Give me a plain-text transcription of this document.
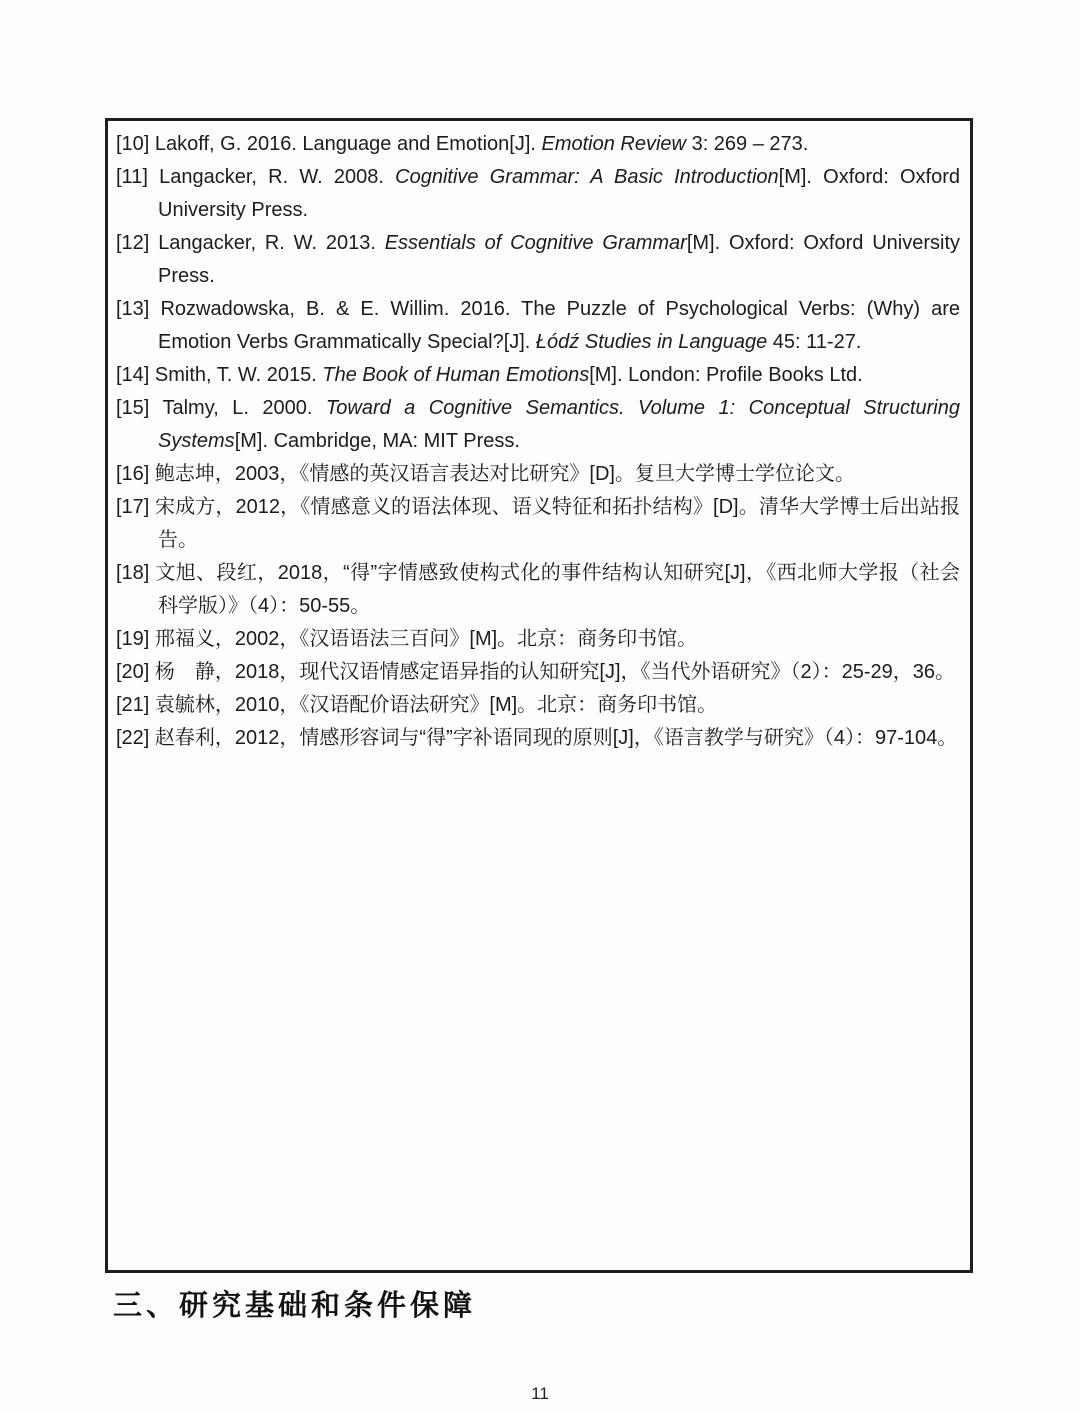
[10] Lakoff, G. 2016. Language and Emotion[J]. Emotion Review 3: 269 – 273.

[11] Langacker, R. W. 2008. Cognitive Grammar: A Basic Introduction[M]. Oxford: Oxford University Press.

[12] Langacker, R. W. 2013. Essentials of Cognitive Grammar[M]. Oxford: Oxford University Press.

[13] Rozwadowska, B. & E. Willim. 2016. The Puzzle of Psychological Verbs: (Why) are Emotion Verbs Grammatically Special?[J]. Łódź Studies in Language 45: 11-27.

[14] Smith, T. W. 2015. The Book of Human Emotions[M]. London: Profile Books Ltd.

[15] Talmy, L. 2000. Toward a Cognitive Semantics. Volume 1: Conceptual Structuring Systems[M]. Cambridge, MA: MIT Press.

[16] 鲍志坤，2003，《情感的英汉语言表达对比研究》[D]。复旦大学博士学位论文。

[17] 宋成方，2012，《情感意义的语法体现、语义特征和拓扑结构》[D]。清华大学博士后出站报告。

[18] 文旭、段红，2018，“得”字情感致使构式化的事件结构认知研究[J]，《西北师大学报（社会科学版）》（4）：50-55。

[19] 邢福义，2002，《汉语语法三百问》[M]。北京：商务印书馆。

[20] 杨　静，2018，现代汉语情感定语异指的认知研究[J]，《当代外语研究》（2）：25-29，36。

[21] 袁毓林，2010，《汉语配价语法研究》[M]。北京：商务印书馆。

[22] 赵春利，2012，情感形容词与“得”字补语同现的原则[J]，《语言教学与研究》（4）：97-104。

三、研究基础和条件保障
11
